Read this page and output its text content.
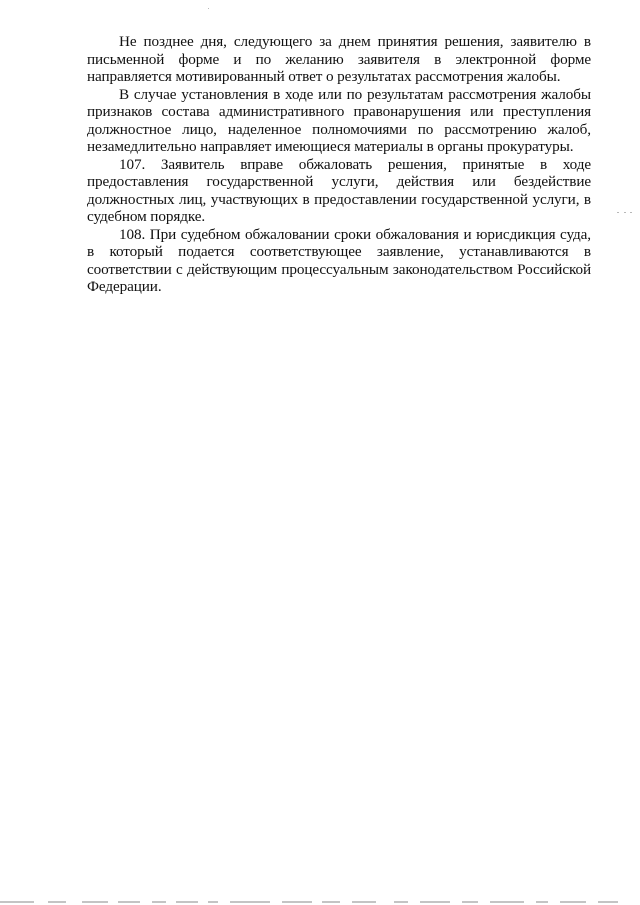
Не позднее дня, следующего за днем принятия решения, заявителю в письменной форме и по желанию заявителя в электронной форме направляется мотивированный ответ о результатах рассмотрения жалобы.

В случае установления в ходе или по результатам рассмотрения жалобы признаков состава административного правонарушения или преступления должностное лицо, наделенное полномочиями по рассмотрению жалоб, незамедлительно направляет имеющиеся материалы в органы прокуратуры.

107. Заявитель вправе обжаловать решения, принятые в ходе предоставления государственной услуги, действия или бездействие должностных лиц, участвующих в предоставлении государственной услуги, в судебном порядке.

108. При судебном обжаловании сроки обжалования и юрисдикция суда, в который подается соответствующее заявление, устанавливаются в соответствии с действующим процессуальным законодательством Российской Федерации.
